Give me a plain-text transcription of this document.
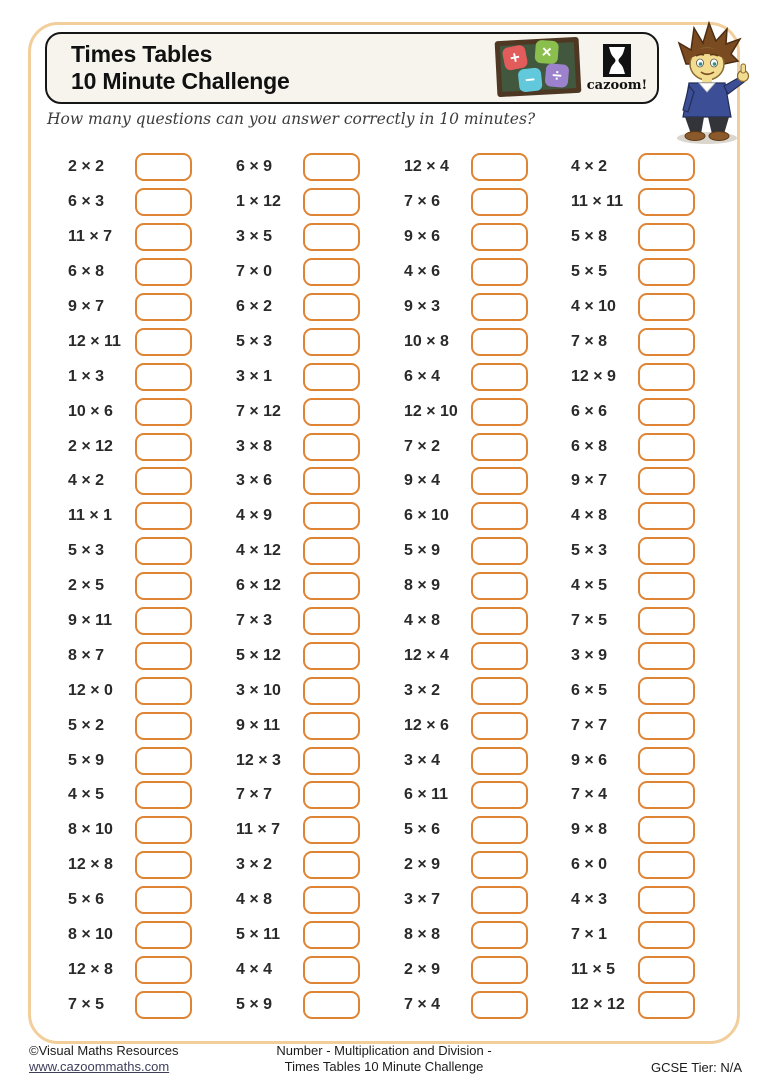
Times Tables
10 Minute Challenge
+	×
− ÷
cazoom!
How many questions can you answer correctly in 10 minutes?
2 × 2
6 × 3
11 × 7
6 × 8
9 × 7
12 × 11
1 × 3
10 × 6
2 × 12
4 × 2
11 × 1
5 × 3
2 × 5
9 × 11
8 × 7
12 × 0
5 × 2
5 × 9
4 × 5
8 × 10
12 × 8
5 × 6
8 × 10
12 × 8
7 × 5
6 × 9
1 × 12
3 × 5
7 × 0
6 × 2
5 × 3
3 × 1
7 × 12
3 × 8
3 × 6
4 × 9
4 × 12
6 × 12
7 × 3
5 × 12
3 × 10
9 × 11
12 × 3
7 × 7
11 × 7
3 × 2
4 × 8
5 × 11
4 × 4
5 × 9
12 × 4
7 × 6
9 × 6
4 × 6
9 × 3
10 × 8
6 × 4
12 × 10
7 × 2
9 × 4
6 × 10
5 × 9
8 × 9
4 × 8
12 × 4
3 × 2
12 × 6
3 × 4
6 × 11
5 × 6
2 × 9
3 × 7
8 × 8
2 × 9
7 × 4
4 × 2
11 × 11
5 × 8
5 × 5
4 × 10
7 × 8
12 × 9
6 × 6
6 × 8
9 × 7
4 × 8
5 × 3
4 × 5
7 × 5
3 × 9
6 × 5
7 × 7
9 × 6
7 × 4
9 × 8
6 × 0
4 × 3
7 × 1
11 × 5
12 × 12
©Visual Maths Resources
www.cazoommaths.com
Number - Multiplication and Division -
Times Tables 10 Minute Challenge	GCSE Tier: N/A
